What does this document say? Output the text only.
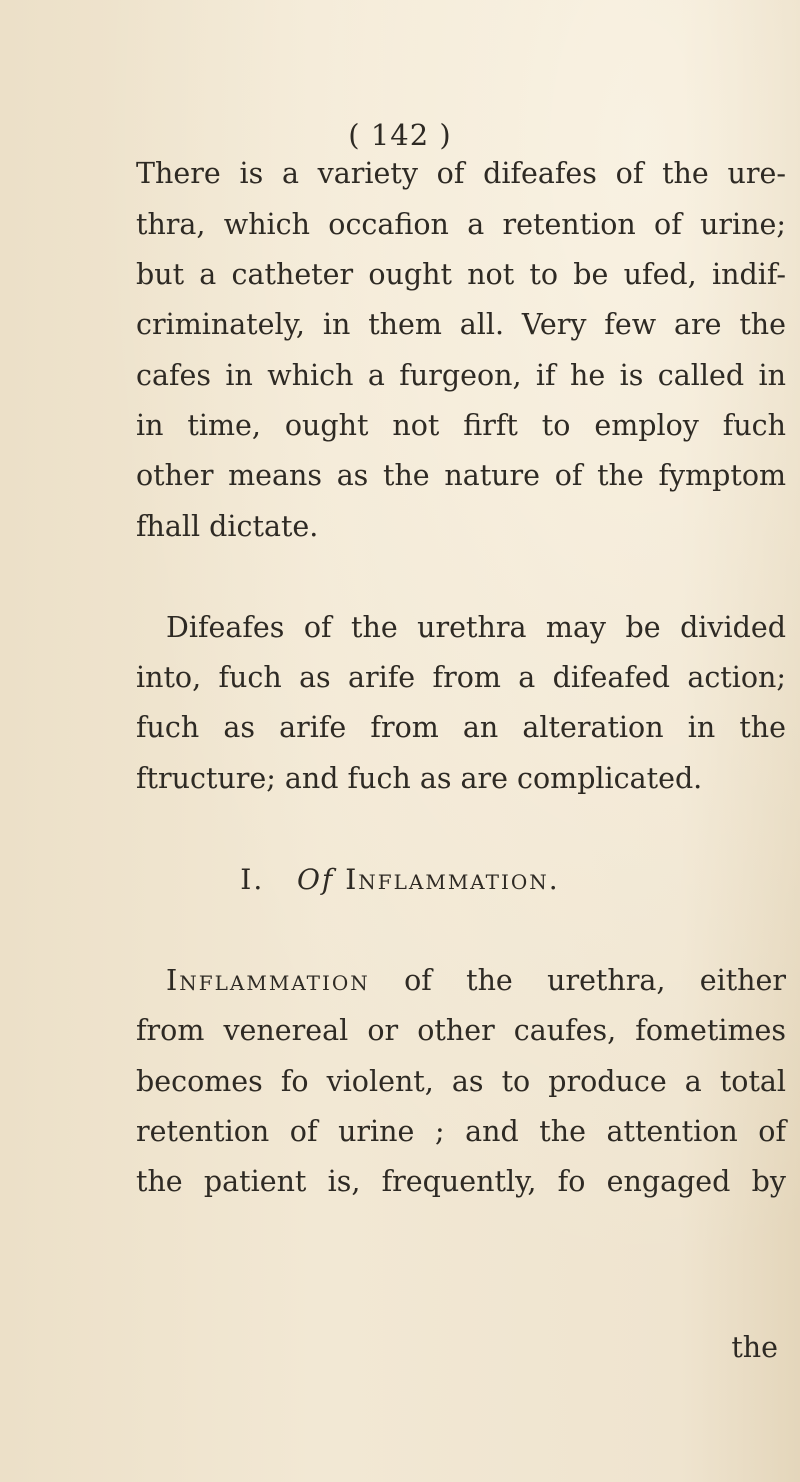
( 142 )
There is a variety of difeafes of the ure-
thra, which occafion a retention of urine;
but a catheter ought not to be ufed, indif-
criminately, in them all. Very few are the
cafes in which a furgeon, if he is called in
in time, ought not firft to employ fuch
other means as the nature of the fymptom
fhall dictate.
Difeafes of the urethra may be divided
into, fuch as arife from a difeafed action;
fuch as arife from an alteration in the
ftructure; and fuch as are complicated.
I. Of Inflammation.
Inflammation of the urethra, either
from venereal or other caufes, fometimes
becomes fo violent, as to produce a total
retention of urine ; and the attention of
the patient is, frequently, fo engaged by
the
